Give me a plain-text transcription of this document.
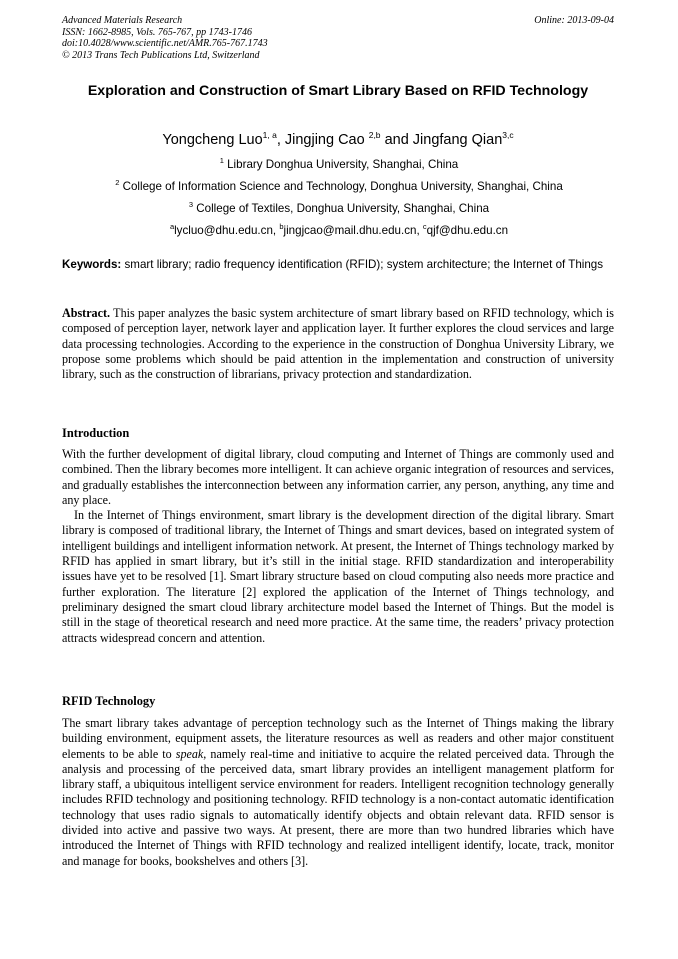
Advanced Materials Research
ISSN: 1662-8985, Vols. 765-767, pp 1743-1746
doi:10.4028/www.scientific.net/AMR.765-767.1743
© 2013 Trans Tech Publications Ltd, Switzerland
Online: 2013-09-04
Exploration and Construction of Smart Library Based on RFID Technology
Yongcheng Luo$^{1, a}$, Jingjing Cao $^{2,b}$ and Jingfang Qian$^{3,c}$
$^1$ Library Donghua University, Shanghai, China
$^2$ College of Information Science and Technology, Donghua University, Shanghai, China
$^3$ College of Textiles, Donghua University, Shanghai, China
$^a$lycluo@dhu.edu.cn, $^b$jingjcao@mail.dhu.edu.cn, $^c$qjf@dhu.edu.cn
Keywords: smart library; radio frequency identification (RFID); system architecture; the Internet of Things

Abstract. This paper analyzes the basic system architecture of smart library based on RFID technology, which is composed of perception layer, network layer and application layer. It further explores the cloud services and large data processing technologies. According to the experience in the construction of Donghua University Library, we propose some problems which should be paid attention in the implementation and construction of university library, such as the construction of librarians, privacy protection and standardization.

Introduction

With the further development of digital library, cloud computing and Internet of Things are commonly used and combined. Then the library becomes more intelligent. It can achieve organic integration of resources and services, and gradually establishes the interconnection between any information carrier, any person, anything, any time and any place.

In the Internet of Things environment, smart library is the development direction of the digital library. Smart library is composed of traditional library, the Internet of Things and smart devices, based on integrated system of intelligent buildings and intelligent information network. At present, the Internet of Things technology marked by RFID has applied in smart library, but it’s still in the initial stage. RFID standardization and interoperability issues have yet to be resolved [1]. Smart library structure based on cloud computing also needs more practice and further exploration. The literature [2] explored the application of the Internet of Things technology, and preliminary designed the smart cloud library architecture model based the Internet of Things. But the model is still in the stage of theoretical research and need more practice. At the same time, the readers’ privacy protection attracts widespread concern and attention.

RFID Technology

The smart library takes advantage of perception technology such as the Internet of Things making the library building environment, equipment assets, the literature resources as well as readers and other major constituent elements to be able to speak, namely real-time and initiative to acquire the related perceived data. Through the analysis and processing of the perceived data, smart library provides an intelligent management platform for library staff, a ubiquitous intelligent service environment for readers. Intelligent recognition technology generally includes RFID technology and positioning technology. RFID technology is a non-contact automatic identification technology that uses radio signals to automatically identify objects and obtain relevant data. RFID sensor is divided into active and passive two ways. At present, there are more than two hundred libraries which have introduced the Internet of Things with RFID technology and realized intelligent identify, locate, track, monitor and manage for books, bookshelves and others [3].
